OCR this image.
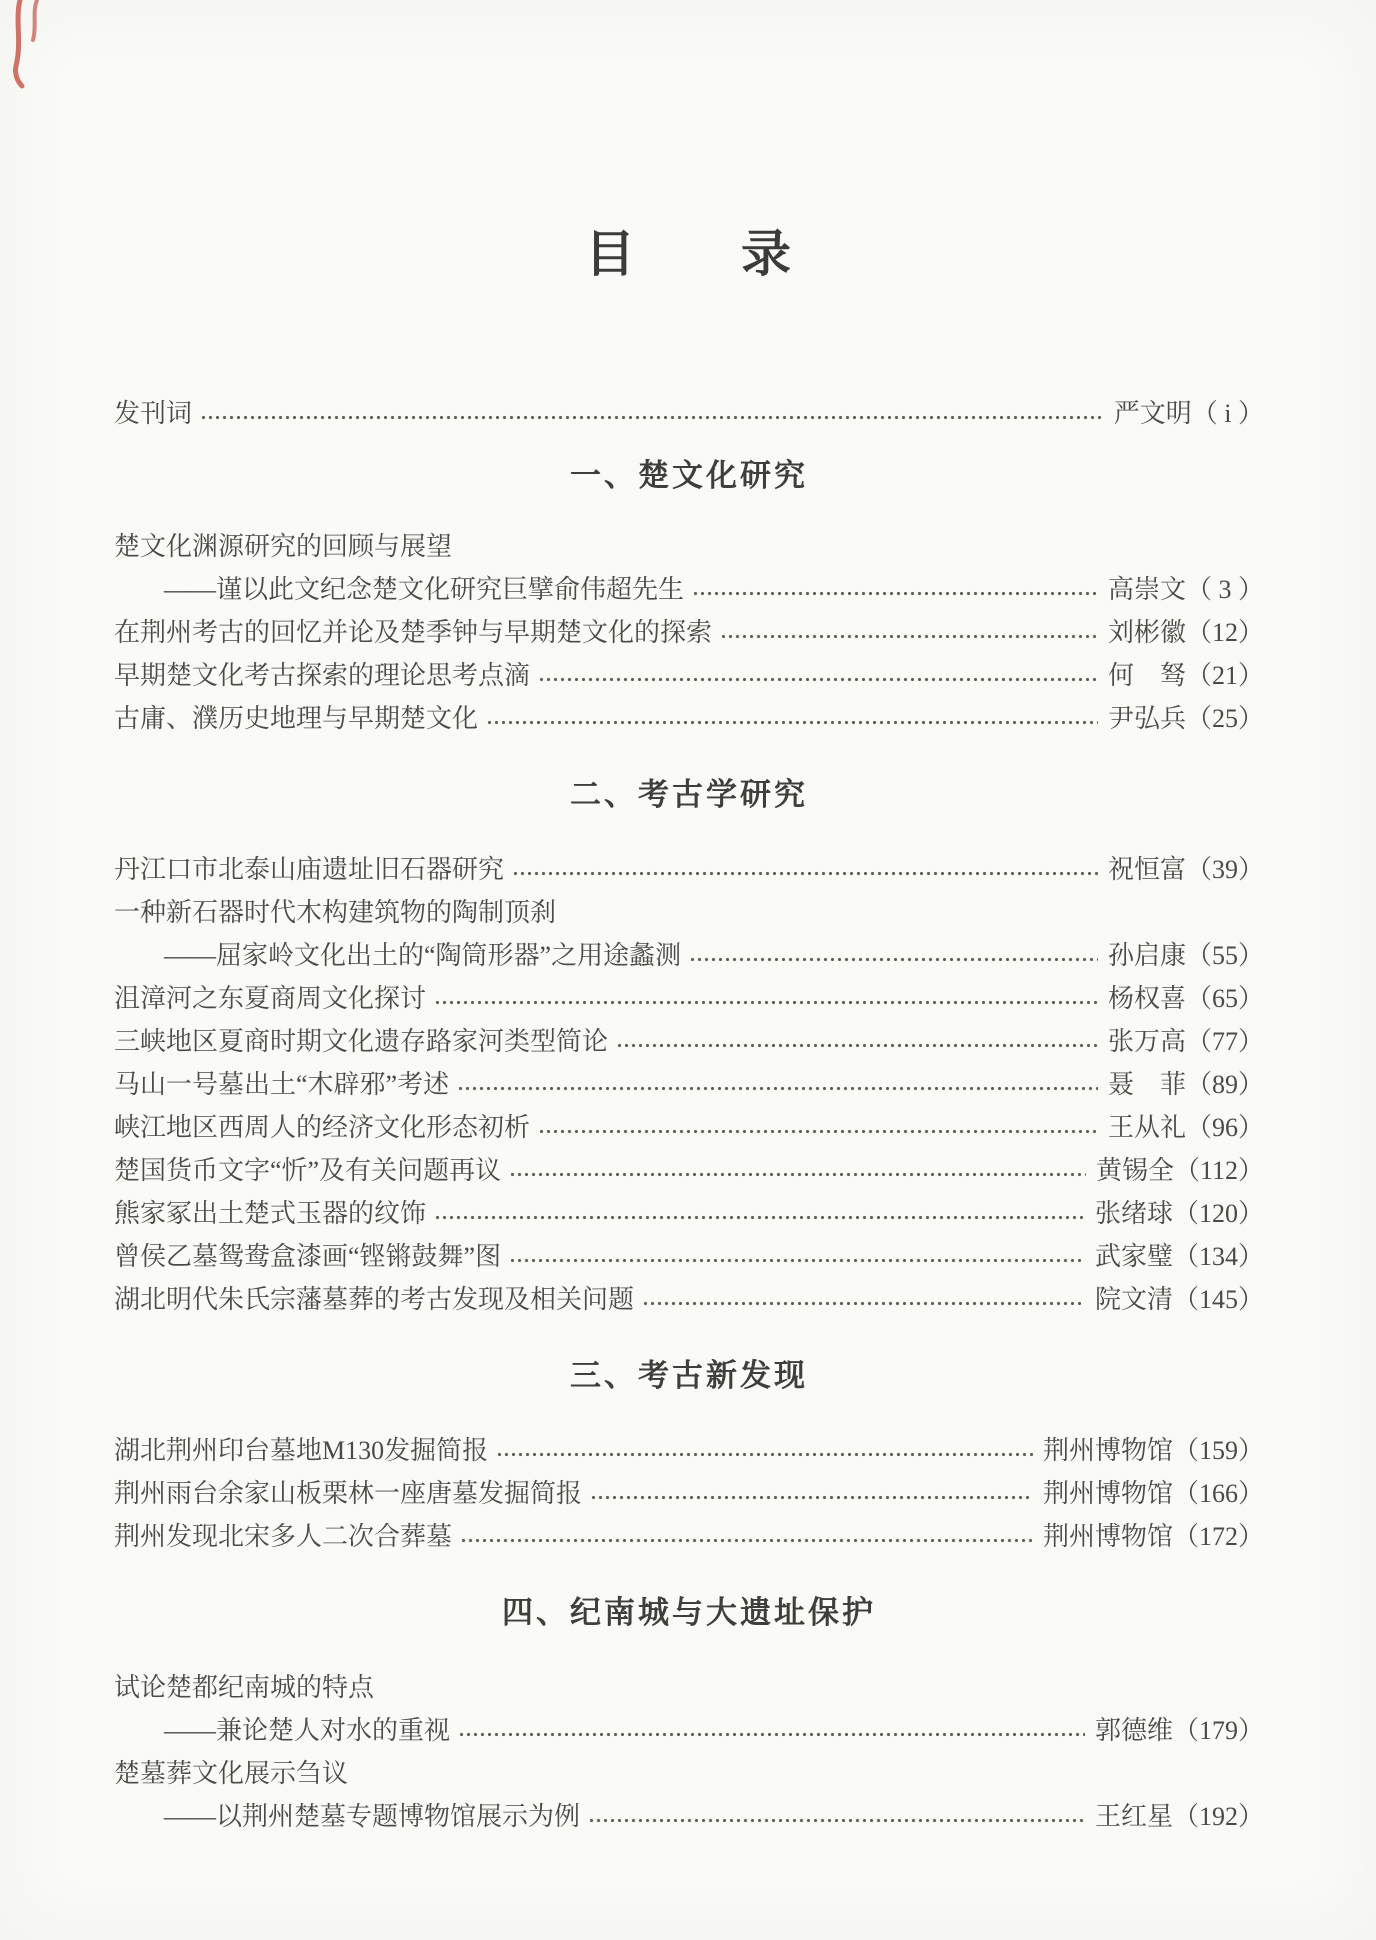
目　　录
发刊词	严文明 （ i ）
一、楚文化研究
楚文化渊源研究的回顾与展望
——谨以此文纪念楚文化研究巨擘俞伟超先生	高崇文 （ 3 ）
在荆州考古的回忆并论及楚季钟与早期楚文化的探索	刘彬徽 （12）
早期楚文化考古探索的理论思考点滴	何　驽 （21）
古庸、濮历史地理与早期楚文化	尹弘兵 （25）
二、考古学研究
丹江口市北泰山庙遗址旧石器研究	祝恒富 （39）
一种新石器时代木构建筑物的陶制顶刹
——屈家岭文化出土的“陶筒形器”之用途蠡测	孙启康 （55）
沮漳河之东夏商周文化探讨	杨权喜 （65）
三峡地区夏商时期文化遗存路家河类型简论	张万高 （77）
马山一号墓出土“木辟邪”考述	聂　菲 （89）
峡江地区西周人的经济文化形态初析	王从礼 （96）
楚国货币文字“忻”及有关问题再议	黄锡全 （112）
熊家冢出土楚式玉器的纹饰	张绪球 （120）
曾侯乙墓鸳鸯盒漆画“铿锵鼓舞”图	武家璧 （134）
湖北明代朱氏宗藩墓葬的考古发现及相关问题	院文清 （145）
三、考古新发现
湖北荆州印台墓地M130发掘简报	荆州博物馆 （159）
荆州雨台余家山板栗林一座唐墓发掘简报	荆州博物馆 （166）
荆州发现北宋多人二次合葬墓	荆州博物馆 （172）
四、纪南城与大遗址保护
试论楚都纪南城的特点
——兼论楚人对水的重视	郭德维 （179）
楚墓葬文化展示刍议
——以荆州楚墓专题博物馆展示为例	王红星 （192）
